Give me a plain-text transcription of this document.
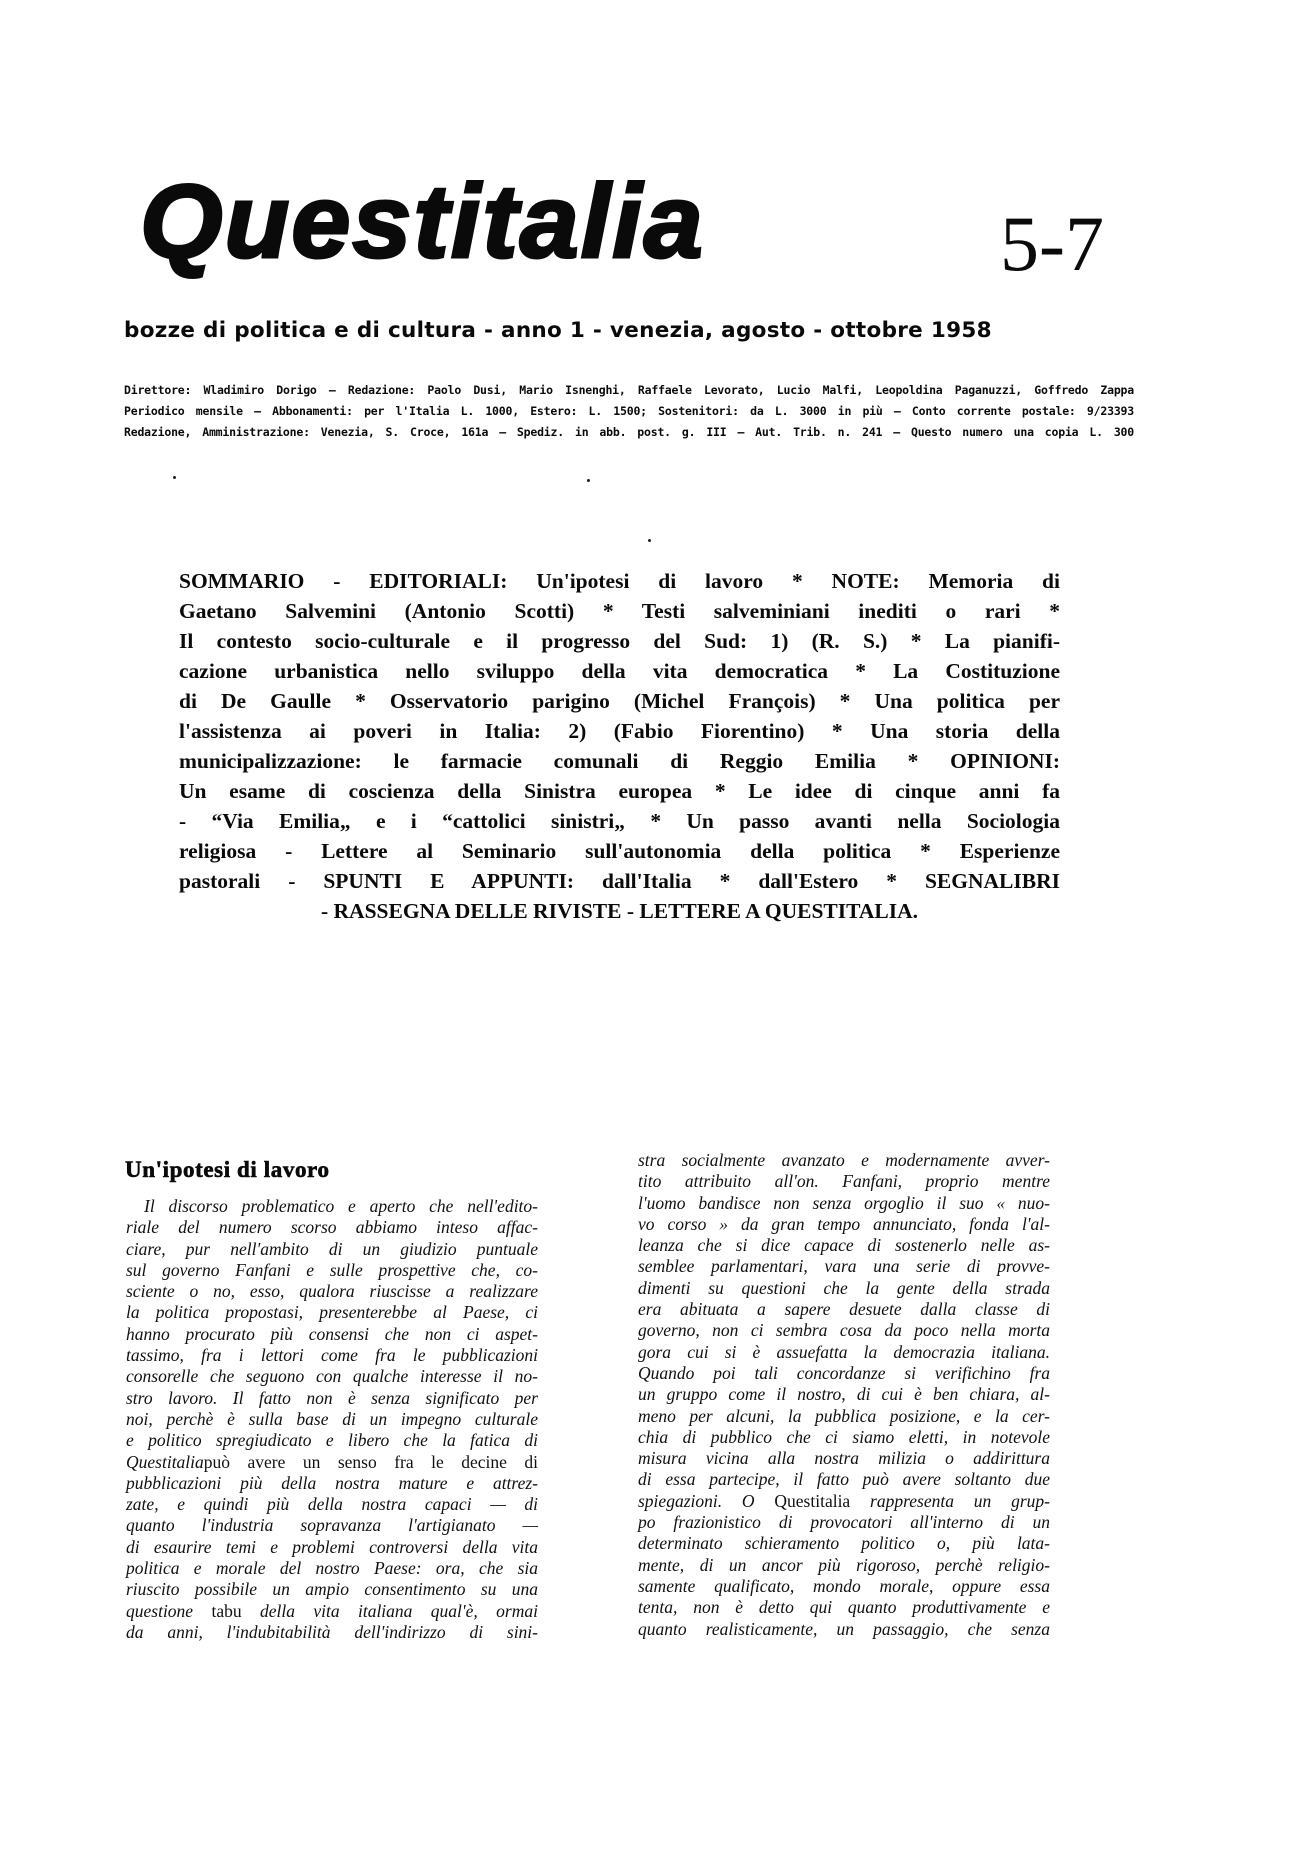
Questitalia	5-7
bozze di politica e di cultura - anno 1 - venezia, agosto - ottobre 1958
Direttore: Wladimiro Dorigo — Redazione: Paolo Dusi, Mario Isnenghi, Raffaele Levorato, Lucio Malfi, Leopoldina Paganuzzi, Goffredo Zappa
Periodico mensile — Abbonamenti: per l'Italia L. 1000, Estero: L. 1500; Sostenitori: da L. 3000 in più — Conto corrente postale: 9/23393
Redazione, Amministrazione: Venezia, S. Croce, 161a — Spediz. in abb. post. g. III — Aut. Trib. n. 241 — Questo numero una copia L. 300
SOMMARIO - EDITORIALI: Un'ipotesi di lavoro * NOTE: Memoria di
Gaetano Salvemini (Antonio Scotti) * Testi salveminiani inediti o rari *
Il contesto socio-culturale e il progresso del Sud: 1) (R. S.) * La pianifi-
cazione urbanistica nello sviluppo della vita democratica * La Costituzione
di De Gaulle * Osservatorio parigino (Michel François) * Una politica per
l'assistenza ai poveri in Italia: 2) (Fabio Fiorentino) * Una storia della
municipalizzazione: le farmacie comunali di Reggio Emilia * OPINIONI:
Un esame di coscienza della Sinistra europea * Le idee di cinque anni fa
- “Via Emilia„ e i “cattolici sinistri„ * Un passo avanti nella Sociologia
religiosa - Lettere al Seminario sull'autonomia della politica * Esperienze
pastorali - SPUNTI E APPUNTI: dall'Italia * dall'Estero * SEGNALIBRI
- RASSEGNA DELLE RIVISTE - LETTERE A QUESTITALIA.
Un'ipotesi di lavoro
Il discorso problematico e aperto che nell'edito-
riale del numero scorso abbiamo inteso affac-
ciare, pur nell'ambito di un giudizio puntuale
sul governo Fanfani e sulle prospettive che, co-
sciente o no, esso, qualora riuscisse a realizzare
la politica propostasi, presenterebbe al Paese, ci
hanno procurato più consensi che non ci aspet-
tassimo, fra i lettori come fra le pubblicazioni
consorelle che seguono con qualche interesse il no-
stro lavoro. Il fatto non è senza significato per
noi, perchè è sulla base di un impegno culturale
e politico spregiudicato e libero che la fatica di
Questitaliapuò avere un senso fra le decine di
pubblicazioni più della nostra mature e attrez-
zate, e quindi più della nostra capaci — di
quanto l'industria sopravanza l'artigianato —
di esaurire temi e problemi controversi della vita
politica e morale del nostro Paese: ora, che sia
riuscito possibile un ampio consentimento su una
questione tabu della vita italiana qual'è, ormai
da anni, l'indubitabilità dell'indirizzo di sini-
stra socialmente avanzato e modernamente avver-
tito attribuito all'on. Fanfani, proprio mentre
l'uomo bandisce non senza orgoglio il suo « nuo-
vo corso » da gran tempo annunciato, fonda l'al-
leanza che si dice capace di sostenerlo nelle as-
semblee parlamentari, vara una serie di provve-
dimenti su questioni che la gente della strada
era abituata a sapere desuete dalla classe di
governo, non ci sembra cosa da poco nella morta
gora cui si è assuefatta la democrazia italiana.
Quando poi tali concordanze si verifichino fra
un gruppo come il nostro, di cui è ben chiara, al-
meno per alcuni, la pubblica posizione, e la cer-
chia di pubblico che ci siamo eletti, in notevole
misura vicina alla nostra milizia o addirittura
di essa partecipe, il fatto può avere soltanto due
spiegazioni. O Questitalia rappresenta un grup-
po frazionistico di provocatori all'interno di un
determinato schieramento politico o, più lata-
mente, di un ancor più rigoroso, perchè religio-
samente qualificato, mondo morale, oppure essa
tenta, non è detto qui quanto produttivamente e
quanto realisticamente, un passaggio, che senza
